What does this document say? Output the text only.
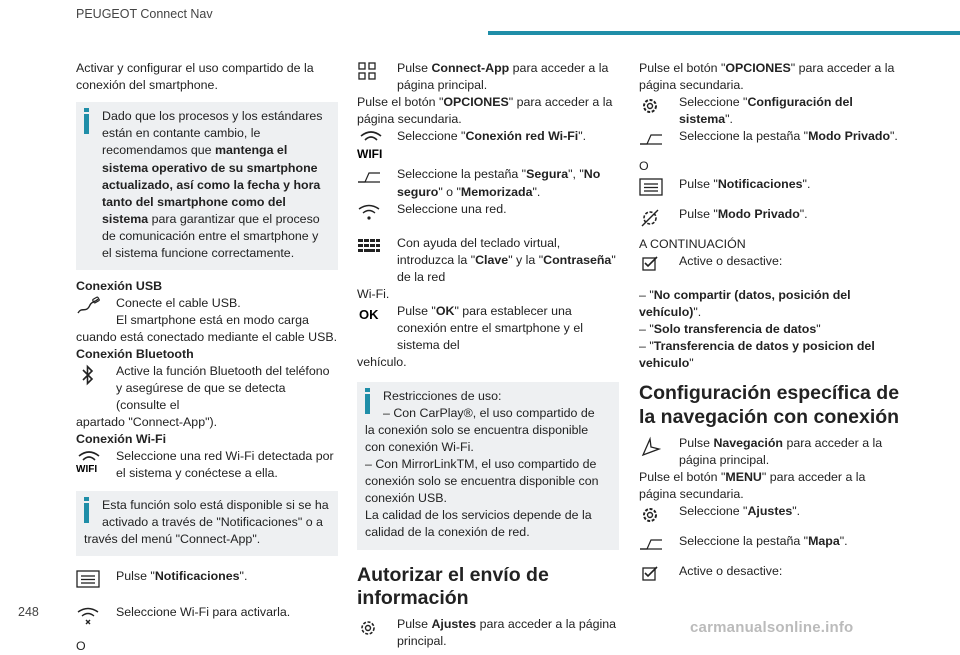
PEUGEOT Connect Nav
248
carmanualsonline.info

Activar y configurar el uso compartido de la conexión del smartphone.

Dado que los procesos y los estándares están en contante cambio, le recomendamos que mantenga el sistema operativo de su smartphone actualizado, así como la fecha y hora tanto del smartphone como del sistema para garantizar que el proceso de comunicación entre el smartphone y el sistema funcione correctamente.

Conexión USB

Conecte el cable USB.

El smartphone está en modo carga

cuando está conectado mediante el cable USB.

Conexión Bluetooth

Active la función Bluetooth del teléfono y asegúrese de que se detecta (consulte el

apartado "Connect-App").

Conexión Wi-Fi

WIFI

Seleccione una red Wi-Fi detectada por el sistema y conéctese a ella.

Esta función solo está disponible si se ha activado a través de "Notificaciones" o a

través del menú "Connect-App".

Pulse "Notificaciones".

Seleccione Wi-Fi para activarla.

O

Pulse Connect-App para acceder a la página principal.

Pulse el botón "OPCIONES" para acceder a la página secundaria.

WIFI

Seleccione "Conexión red Wi-Fi".

Seleccione la pestaña "Segura", "No seguro" o "Memorizada".

Seleccione una red.

Con ayuda del teclado virtual, introduzca la "Clave" y la "Contraseña" de la red

Wi-Fi.

OK Pulse "OK" para establecer una conexión entre el smartphone y el sistema del

vehículo.

Restricciones de uso:

– Con CarPlay®, el uso compartido de

la conexión solo se encuentra disponible con conexión Wi-Fi.

– Con MirrorLinkTM, el uso compartido de conexión solo se encuentra disponible con conexión USB.

La calidad de los servicios depende de la calidad de la conexión de red.

Autorizar el envío de información

Pulse Ajustes para acceder a la página principal.

Pulse el botón "OPCIONES" para acceder a la página secundaria.

Seleccione "Configuración del sistema".

Seleccione la pestaña "Modo Privado".

O

Pulse "Notificaciones".

Pulse "Modo Privado".

A CONTINUACIÓN

Active o desactive:

– "No compartir (datos, posición del vehículo)".

– "Solo transferencia de datos"

– "Transferencia de datos y posicion del vehiculo"

Configuración específica de la navegación con conexión

Pulse Navegación para acceder a la página principal.

Pulse el botón "MENU" para acceder a la página secundaria.

Seleccione "Ajustes".

Seleccione la pestaña "Mapa".

Active o desactive:
